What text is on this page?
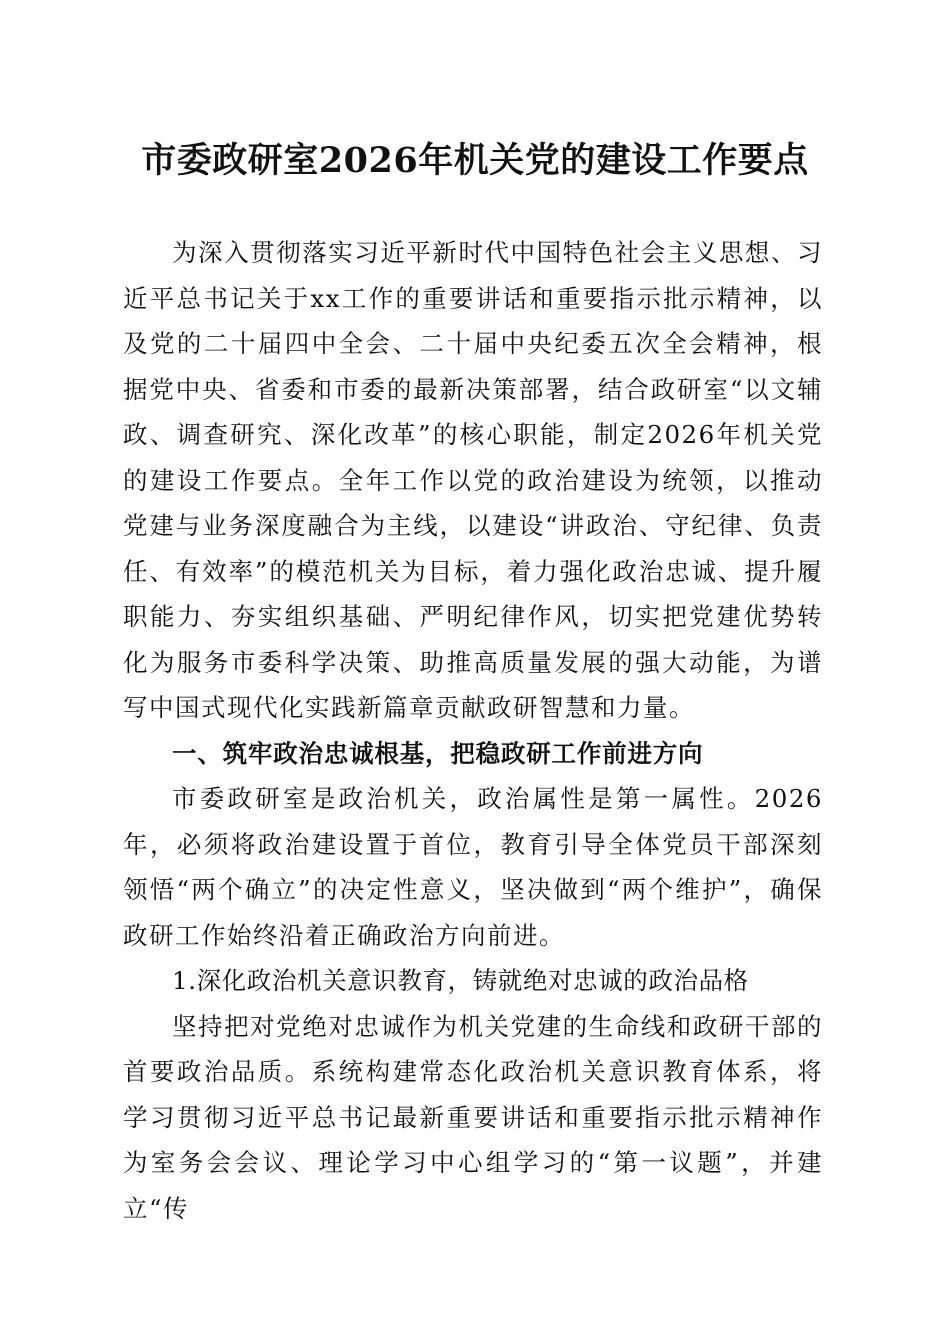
市委政研室2026年机关党的建设工作要点

为深入贯彻落实习近平新时代中国特色社会主义思想、习近平总书记关于xx工作的重要讲话和重要指示批示精神，以及党的二十届四中全会、二十届中央纪委五次全会精神，根据党中央、省委和市委的最新决策部署，结合政研室“以文辅政、调查研究、深化改革”的核心职能，制定2026年机关党的建设工作要点。全年工作以党的政治建设为统领，以推动党建与业务深度融合为主线，以建设“讲政治、守纪律、负责任、有效率”的模范机关为目标，着力强化政治忠诚、提升履职能力、夯实组织基础、严明纪律作风，切实把党建优势转化为服务市委科学决策、助推高质量发展的强大动能，为谱写中国式现代化实践新篇章贡献政研智慧和力量。

一、筑牢政治忠诚根基，把稳政研工作前进方向

市委政研室是政治机关，政治属性是第一属性。2026年，必须将政治建设置于首位，教育引导全体党员干部深刻领悟“两个确立”的决定性意义，坚决做到“两个维护”，确保政研工作始终沿着正确政治方向前进。

1.深化政治机关意识教育，铸就绝对忠诚的政治品格

坚持把对党绝对忠诚作为机关党建的生命线和政研干部的首要政治品质。系统构建常态化政治机关意识教育体系，将学习贯彻习近平总书记最新重要讲话和重要指示批示精神作为室务会会议、理论学习中心组学习的“第一议题”，并建立“传
